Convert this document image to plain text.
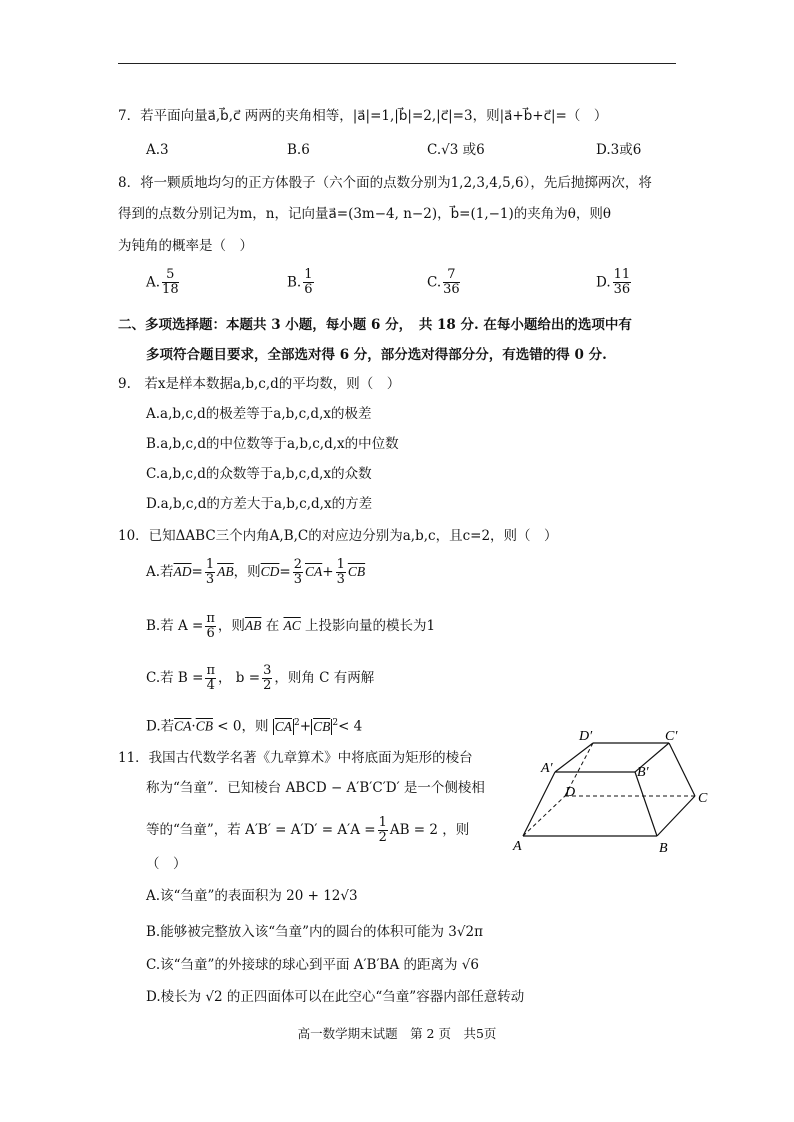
7．若平面向量a⃗,b⃗,c⃗ 两两的夹角相等，|a⃗|=1,|b⃗|=2,|c⃗|=3，则|a⃗+b⃗+c⃗|=（　）
A.3	B.6	C.√3 或6	D.3或6
8．将一颗质地均匀的正方体骰子（六个面的点数分别为1,2,3,4,5,6），先后抛掷两次，将
得到的点数分别记为m，n，记向量a⃗=(3m−4, n−2)，b⃗=(1,−1)的夹角为θ，则θ
为钝角的概率是（　）
A. $\frac{5}{18}$	B. $\frac{1}{6}$	C. $\frac{7}{36}$	D. $\frac{11}{36}$
二、多项选择题：本题共 3 小题，每小题 6 分，　共 18 分. 在每小题给出的选项中有
多项符合题目要求，全部选对得 6 分，部分选对得部分分，有选错的得 0 分.
9.　若x是样本数据a,b,c,d的平均数，则（　）
A.a,b,c,d的极差等于a,b,c,d,x的极差
B.a,b,c,d的中位数等于a,b,c,d,x的中位数
C.a,b,c,d的众数等于a,b,c,d,x的众数
D.a,b,c,d的方差大于a,b,c,d,x的方差
10．已知ΔABC三个内角A,B,C的对应边分别为a,b,c，且c=2，则（　）
A.若$\overline{AD}= \frac{1}{3} \overline{AB}$，则$\overline{CD}= \frac{2}{3} \overline{CA}+ \frac{1}{3} \overline{CB}$
B.若 $A = \frac{\pi}{6}$ ，则$\overline{AB}$ 在 $\overline{AC}$ 上投影向量的模长为1
C.若 $B = \frac{\pi}{4}$ ， $b = \frac{3}{2}$ ，则角 C 有两解
D.若$\overline{CA}\cdot\overline{CB} < 0$，则 $\overline{CA}$ $^2+ \overline{CB}$ $^2$< 4
11．我国古代数学名著《九章算术》中将底面为矩形的棱台
称为“刍童”．已知棱台 ABCD − A′B′C′D′ 是一个侧棱相
等的“刍童”，若 $A'B' = A'D' = A'A = \frac{1}{2}$ AB = 2 ，则
（　）
A.该“刍童”的表面积为 20 + 12√3
B.能够被完整放入该“刍童”内的圆台的体积可能为 3√2π
C.该“刍童”的外接球的球心到平面 A′B′BA 的距离为 √6
D.棱长为 √2 的正四面体可以在此空心“刍童”容器内部任意转动
D′	C′
A′	B′
D	C
A	B
高一数学期末试题　第 2 页　共5页
